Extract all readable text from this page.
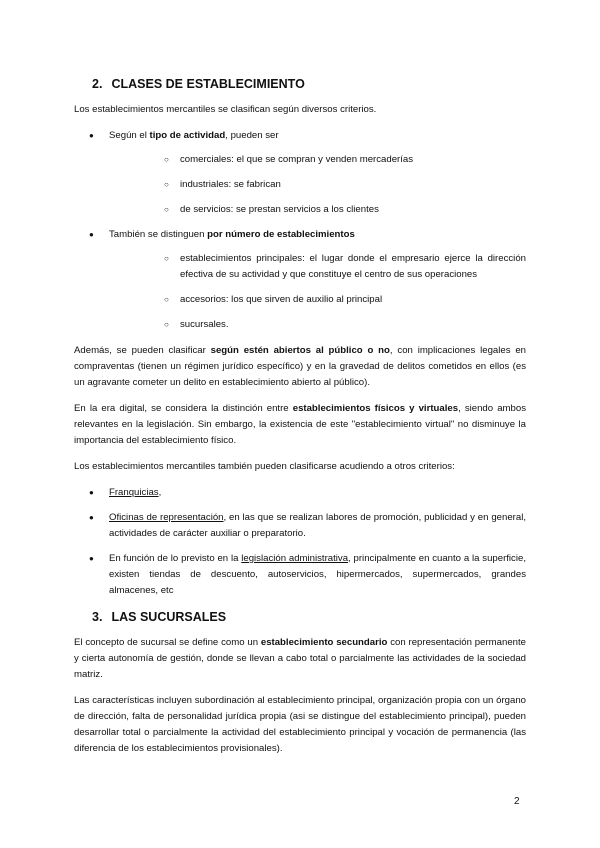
2. CLASES DE ESTABLECIMIENTO

Los establecimientos mercantiles se clasifican según diversos criterios.

● Según el tipo de actividad, pueden ser
○ comerciales: el que se compran y venden mercaderías
○ industriales: se fabrican
○ de servicios: se prestan servicios a los clientes
● También se distinguen por número de establecimientos
○ establecimientos principales: el lugar donde el empresario ejerce la dirección efectiva de su actividad y que constituye el centro de sus operaciones
○ accesorios: los que sirven de auxilio al principal
○ sucursales.

Además, se pueden clasificar según estén abiertos al público o no, con implicaciones legales en compraventas (tienen un régimen jurídico específico) y en la gravedad de delitos cometidos en ellos (es un agravante cometer un delito en establecimiento abierto al público).

En la era digital, se considera la distinción entre establecimientos físicos y virtuales, siendo ambos relevantes en la legislación. Sin embargo, la existencia de este "establecimiento virtual" no disminuye la importancia del establecimiento físico.

Los establecimientos mercantiles también pueden clasificarse acudiendo a otros criterios:

● Franquicias,
● Oficinas de representación, en las que se realizan labores de promoción, publicidad y en general, actividades de carácter auxiliar o preparatorio.
● En función de lo previsto en la legislación administrativa, principalmente en cuanto a la superficie, existen tiendas de descuento, autoservicios, hipermercados, supermercados, grandes almacenes, etc
3. LAS SUCURSALES

El concepto de sucursal se define como un establecimiento secundario con representación permanente y cierta autonomía de gestión, donde se llevan a cabo total o parcialmente las actividades de la sociedad matriz.

Las características incluyen subordinación al establecimiento principal, organización propia con un órgano de dirección, falta de personalidad jurídica propia (asi se distingue del establecimiento principal), pueden desarrollar total o parcialmente la actividad del establecimiento principal y vocación de permanencia (las diferencia de los establecimientos provisionales).

2
